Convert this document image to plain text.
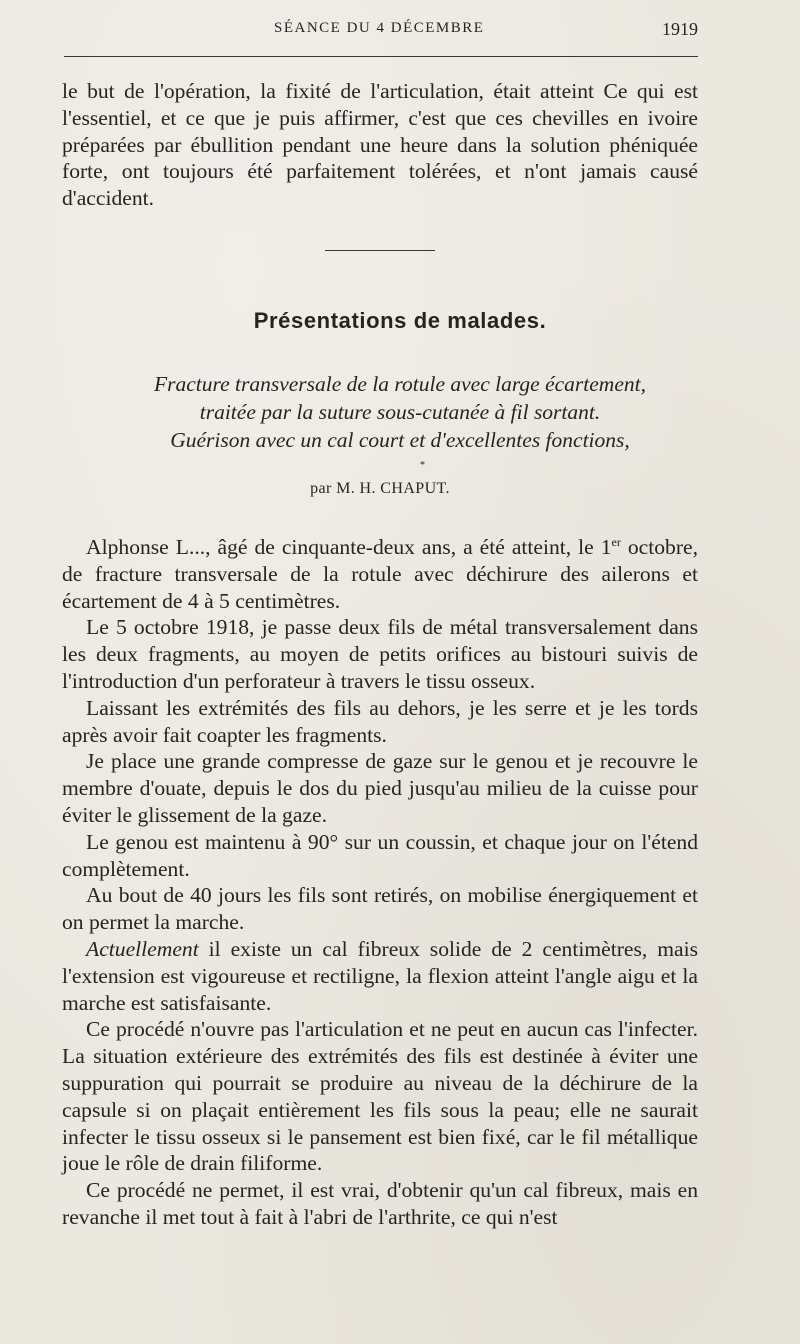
SÉANCE DU 4 DÉCEMBRE	1919

le but de l'opération, la fixité de l'articulation, était atteint Ce qui est l'essentiel, et ce que je puis affirmer, c'est que ces chevilles en ivoire préparées par ébullition pendant une heure dans la solution phéniquée forte, ont toujours été parfaitement tolérées, et n'ont jamais causé d'accident.

Présentations de malades.
Fracture transversale de la rotule avec large écartement,
traitée par la suture sous-cutanée à fil sortant.
Guérison avec un cal court et d'excellentes fonctions,
*
par M. H. CHAPUT.

Alphonse L..., âgé de cinquante-deux ans, a été atteint, le 1er octobre, de fracture transversale de la rotule avec déchirure des ailerons et écartement de 4 à 5 centimètres.

Le 5 octobre 1918, je passe deux fils de métal transversalement dans les deux fragments, au moyen de petits orifices au bistouri suivis de l'introduction d'un perforateur à travers le tissu osseux.

Laissant les extrémités des fils au dehors, je les serre et je les tords après avoir fait coapter les fragments.

Je place une grande compresse de gaze sur le genou et je recouvre le membre d'ouate, depuis le dos du pied jusqu'au milieu de la cuisse pour éviter le glissement de la gaze.

Le genou est maintenu à 90° sur un coussin, et chaque jour on l'étend complètement.

Au bout de 40 jours les fils sont retirés, on mobilise énergiquement et on permet la marche.

Actuellement il existe un cal fibreux solide de 2 centimètres, mais l'extension est vigoureuse et rectiligne, la flexion atteint l'angle aigu et la marche est satisfaisante.

Ce procédé n'ouvre pas l'articulation et ne peut en aucun cas l'infecter. La situation extérieure des extrémités des fils est destinée à éviter une suppuration qui pourrait se produire au niveau de la déchirure de la capsule si on plaçait entièrement les fils sous la peau; elle ne saurait infecter le tissu osseux si le pansement est bien fixé, car le fil métallique joue le rôle de drain filiforme.

Ce procédé ne permet, il est vrai, d'obtenir qu'un cal fibreux, mais en revanche il met tout à fait à l'abri de l'arthrite, ce qui n'est
